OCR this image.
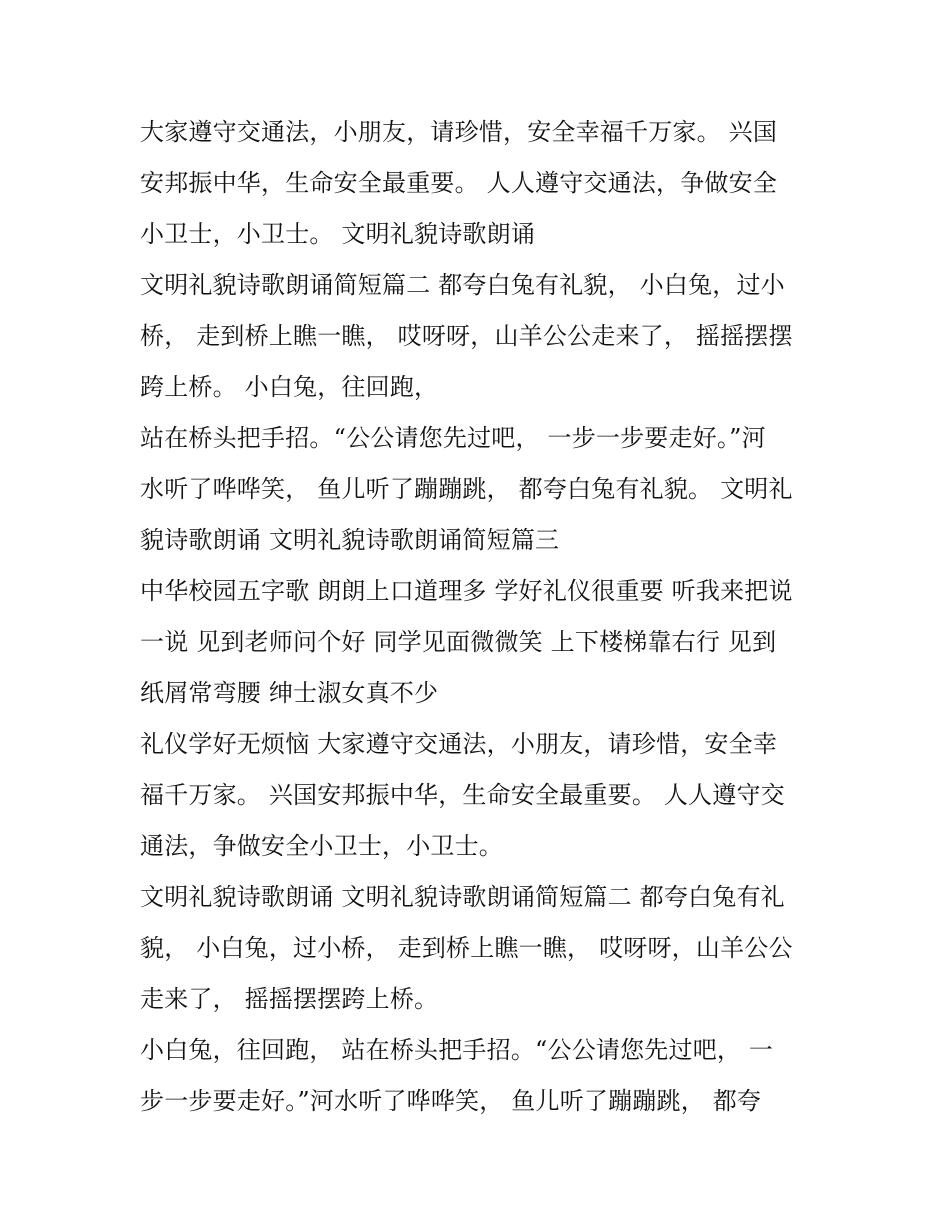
大家遵守交通法，小朋友，请珍惜，安全幸福千万家。 兴国
安邦振中华，生命安全最重要。 人人遵守交通法，争做安全
小卫士，小卫士。 文明礼貌诗歌朗诵
文明礼貌诗歌朗诵简短篇二 都夸白兔有礼貌， 小白兔，过小
桥， 走到桥上瞧一瞧， 哎呀呀，山羊公公走来了， 摇摇摆摆
跨上桥。 小白兔，往回跑，
站在桥头把手招。“公公请您先过吧， 一步一步要走好。”河
水听了哗哗笑， 鱼儿听了蹦蹦跳， 都夸白兔有礼貌。 文明礼
貌诗歌朗诵 文明礼貌诗歌朗诵简短篇三
中华校园五字歌 朗朗上口道理多 学好礼仪很重要 听我来把说
一说 见到老师问个好 同学见面微微笑 上下楼梯靠右行 见到
纸屑常弯腰 绅士淑女真不少
礼仪学好无烦恼 大家遵守交通法，小朋友，请珍惜，安全幸
福千万家。 兴国安邦振中华，生命安全最重要。 人人遵守交
通法，争做安全小卫士，小卫士。
文明礼貌诗歌朗诵 文明礼貌诗歌朗诵简短篇二 都夸白兔有礼
貌， 小白兔，过小桥， 走到桥上瞧一瞧， 哎呀呀，山羊公公
走来了， 摇摇摆摆跨上桥。
小白兔，往回跑， 站在桥头把手招。“公公请您先过吧， 一
步一步要走好。”河水听了哗哗笑， 鱼儿听了蹦蹦跳， 都夸
